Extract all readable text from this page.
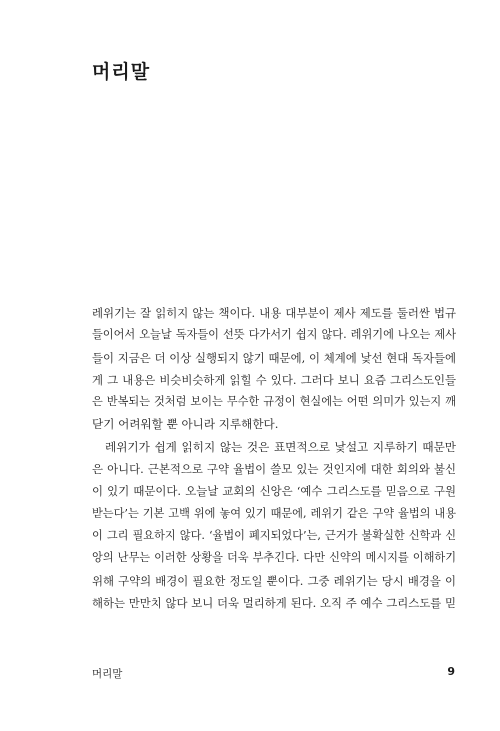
머리말
레위기는 잘 읽히지 않는 책이다. 내용 대부분이 제사 제도를 둘러싼 법규
들이어서 오늘날 독자들이 선뜻 다가서기 쉽지 않다. 레위기에 나오는 제사
들이 지금은 더 이상 실행되지 않기 때문에, 이 체계에 낯선 현대 독자들에
게 그 내용은 비슷비슷하게 읽힐 수 있다. 그러다 보니 요즘 그리스도인들
은 반복되는 것처럼 보이는 무수한 규정이 현실에는 어떤 의미가 있는지 깨
닫기 어려워할 뿐 아니라 지루해한다.
레위기가 쉽게 읽히지 않는 것은 표면적으로 낯설고 지루하기 때문만
은 아니다. 근본적으로 구약 율법이 쓸모 있는 것인지에 대한 회의와 불신
이 있기 때문이다. 오늘날 교회의 신앙은 ‘예수 그리스도를 믿음으로 구원
받는다’는 기본 고백 위에 놓여 있기 때문에, 레위기 같은 구약 율법의 내용
이 그리 필요하지 않다. ‘율법이 폐지되었다’는, 근거가 불확실한 신학과 신
앙의 난무는 이러한 상황을 더욱 부추긴다. 다만 신약의 메시지를 이해하기
위해 구약의 배경이 필요한 정도일 뿐이다. 그중 레위기는 당시 배경을 이
해하는 만만치 않다 보니 더욱 멀리하게 된다. 오직 주 예수 그리스도를 믿
머리말	9
